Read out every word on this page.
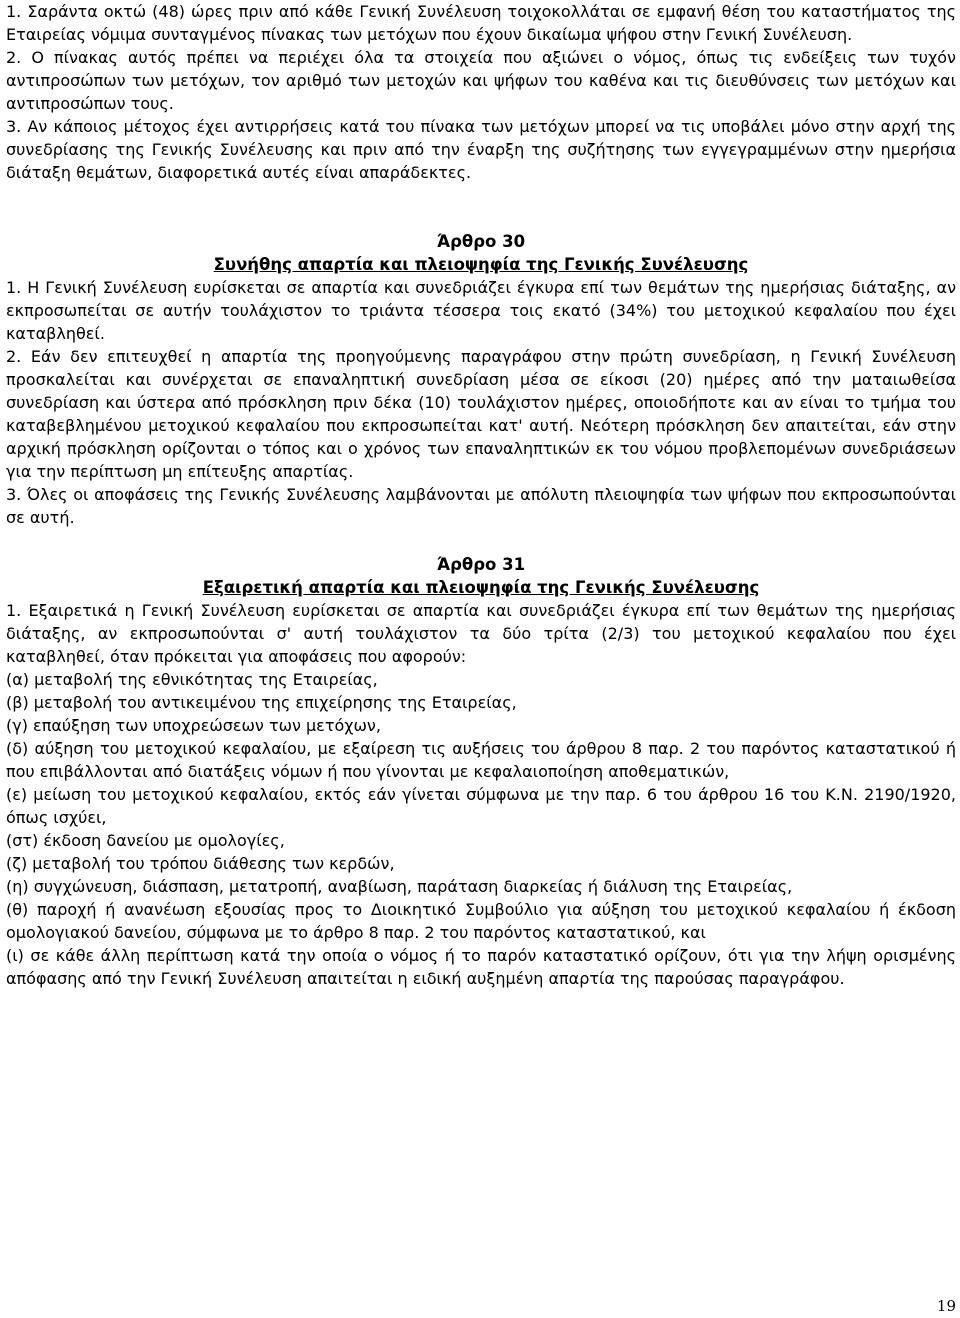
1. Σαράντα οκτώ (48) ώρες πριν από κάθε Γενική Συνέλευση τοιχοκολλάται σε εμφανή θέση του καταστήματος της Εταιρείας νόμιμα συνταγμένος πίνακας των μετόχων που έχουν δικαίωμα ψήφου στην Γενική Συνέλευση.

2. Ο πίνακας αυτός πρέπει να περιέχει όλα τα στοιχεία που αξιώνει ο νόμος, όπως τις ενδείξεις των τυχόν αντιπροσώπων των μετόχων, τον αριθμό των μετοχών και ψήφων του καθένα και τις διευθύνσεις των μετόχων και αντιπροσώπων τους.

3. Αν κάποιος μέτοχος έχει αντιρρήσεις κατά του πίνακα των μετόχων μπορεί να τις υποβάλει μόνο στην αρχή της συνεδρίασης της Γενικής Συνέλευσης και πριν από την έναρξη της συζήτησης των εγγεγραμμένων στην ημερήσια διάταξη θεμάτων, διαφορετικά αυτές είναι απαράδεκτες.

Άρθρο 30

Συνήθης απαρτία και πλειοψηφία της Γενικής Συνέλευσης

1. Η Γενική Συνέλευση ευρίσκεται σε απαρτία και συνεδριάζει έγκυρα επί των θεμάτων της ημερήσιας διάταξης, αν εκπροσωπείται σε αυτήν τουλάχιστον το τριάντα τέσσερα τοις εκατό (34%) του μετοχικού κεφαλαίου που έχει καταβληθεί.

2. Εάν δεν επιτευχθεί η απαρτία της προηγούμενης παραγράφου στην πρώτη συνεδρίαση, η Γενική Συνέλευση προσκαλείται και συνέρχεται σε επαναληπτική συνεδρίαση μέσα σε είκοσι (20) ημέρες από την ματαιωθείσα συνεδρίαση και ύστερα από πρόσκληση πριν δέκα (10) τουλάχιστον ημέρες, οποιοδήποτε και αν είναι το τμήμα του καταβεβλημένου μετοχικού κεφαλαίου που εκπροσωπείται κατ' αυτή. Νεότερη πρόσκληση δεν απαιτείται, εάν στην αρχική πρόσκληση ορίζονται ο τόπος και ο χρόνος των επαναληπτικών εκ του νόμου προβλεπομένων συνεδριάσεων για την περίπτωση μη επίτευξης απαρτίας.

3. Όλες οι αποφάσεις της Γενικής Συνέλευσης λαμβάνονται με απόλυτη πλειοψηφία των ψήφων που εκπροσωπούνται σε αυτή.

Άρθρο 31

Εξαιρετική απαρτία και πλειοψηφία της Γενικής Συνέλευσης

1. Εξαιρετικά η Γενική Συνέλευση ευρίσκεται σε απαρτία και συνεδριάζει έγκυρα επί των θεμάτων της ημερήσιας διάταξης, αν εκπροσωπούνται σ' αυτή τουλάχιστον τα δύο τρίτα (2/3) του μετοχικού κεφαλαίου που έχει καταβληθεί, όταν πρόκειται για αποφάσεις που αφορούν:

(α) μεταβολή της εθνικότητας της Εταιρείας,

(β) μεταβολή του αντικειμένου της επιχείρησης της Εταιρείας,

(γ) επαύξηση των υποχρεώσεων των μετόχων,

(δ) αύξηση του μετοχικού κεφαλαίου, με εξαίρεση τις αυξήσεις του άρθρου 8 παρ. 2 του παρόντος καταστατικού ή που επιβάλλονται από διατάξεις νόμων ή που γίνονται με κεφαλαιοποίηση αποθεματικών,

(ε) μείωση του μετοχικού κεφαλαίου, εκτός εάν γίνεται σύμφωνα με την παρ. 6 του άρθρου 16 του Κ.Ν. 2190/1920, όπως ισχύει,

(στ) έκδοση δανείου με ομολογίες,

(ζ) μεταβολή του τρόπου διάθεσης των κερδών,

(η) συγχώνευση, διάσπαση, μετατροπή, αναβίωση, παράταση διαρκείας ή διάλυση της Εταιρείας,

(θ) παροχή ή ανανέωση εξουσίας προς το Διοικητικό Συμβούλιο για αύξηση του μετοχικού κεφαλαίου ή έκδοση ομολογιακού δανείου, σύμφωνα με το άρθρο 8 παρ. 2 του παρόντος καταστατικού, και

(ι) σε κάθε άλλη περίπτωση κατά την οποία ο νόμος ή το παρόν καταστατικό ορίζουν, ότι για την λήψη ορισμένης απόφασης από την Γενική Συνέλευση απαιτείται η ειδική αυξημένη απαρτία της παρούσας παραγράφου.

19
